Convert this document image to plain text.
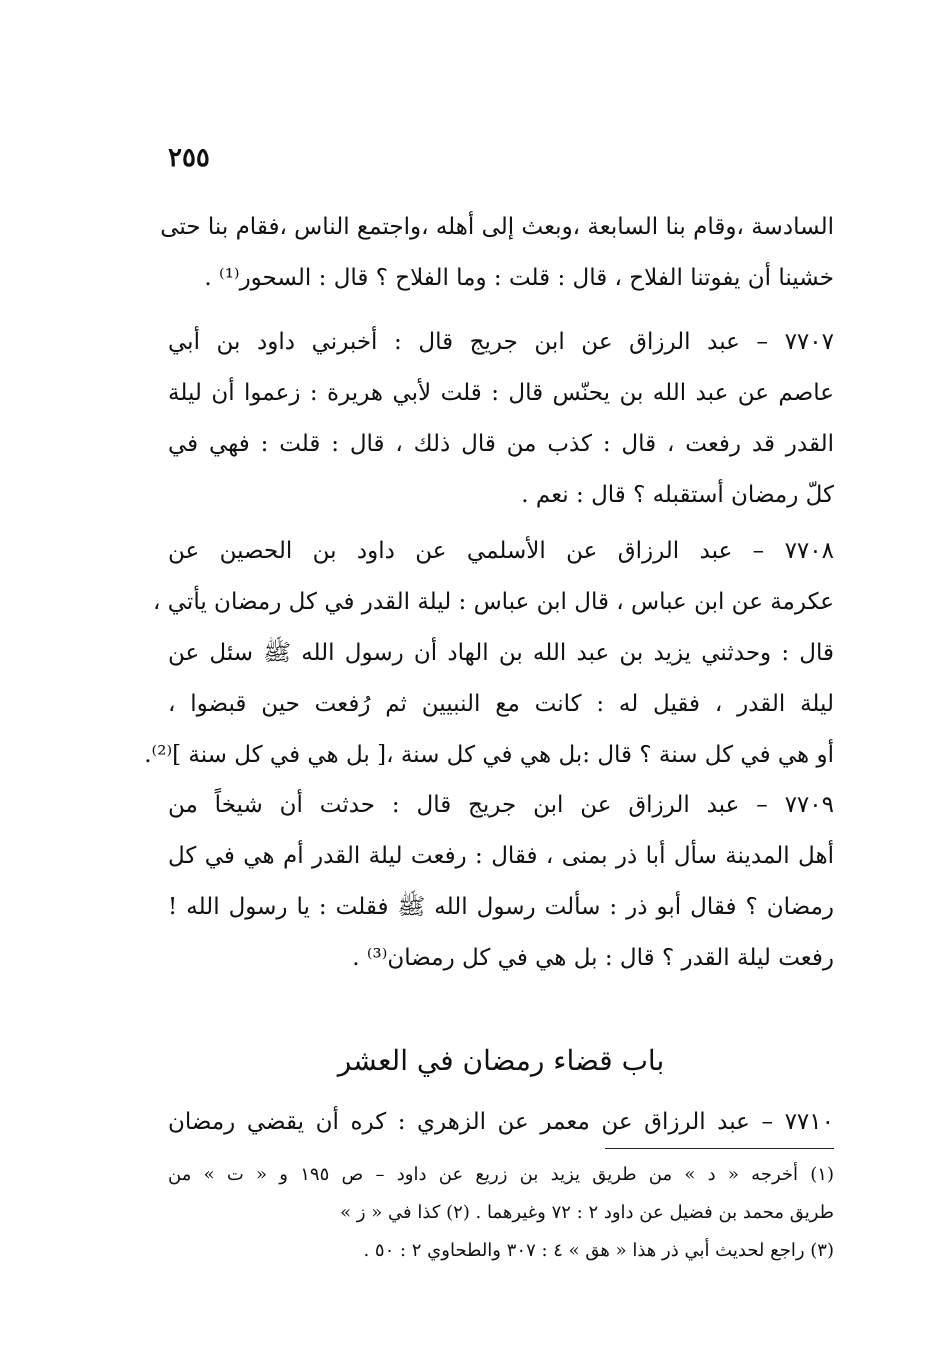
٢٥٥
السادسة ،وقام بنا السابعة ،وبعث إلى أهله ،واجتمع الناس ،فقام بنا حتى
خشينا أن يفوتنا الفلاح ، قال : قلت : وما الفلاح ؟ قال : السحور⁽¹⁾ .
٧٧٠٧ – عبد الرزاق عن ابن جريج قال : أخبرني داود بن أبي
عاصم عن عبد الله بن يحنّس قال : قلت لأبي هريرة : زعموا أن ليلة
القدر قد رفعت ، قال : كذب من قال ذلك ، قال : قلت : فهي في
كلّ رمضان أستقبله ؟ قال : نعم .
٧٧٠٨ – عبد الرزاق عن الأسلمي عن داود بن الحصين عن
عكرمة عن ابن عباس ، قال ابن عباس : ليلة القدر في كل رمضان يأتي ،
قال : وحدثني يزيد بن عبد الله بن الهاد أن رسول الله ﷺ سئل عن
ليلة القدر ، فقيل له : كانت مع النبيين ثم رُفعت حين قبضوا ،
أو هي في كل سنة ؟ قال :بل هي في كل سنة ،[ بل هي في كل سنة ]⁽²⁾.
٧٧٠٩ – عبد الرزاق عن ابن جريج قال : حدثت أن شيخاً من
أهل المدينة سأل أبا ذر بمنى ، فقال : رفعت ليلة القدر أم هي في كل
رمضان ؟ فقال أبو ذر : سألت رسول الله ﷺ فقلت : يا رسول الله !
رفعت ليلة القدر ؟ قال : بل هي في كل رمضان⁽³⁾ .
باب قضاء رمضان في العشر
٧٧١٠ – عبد الرزاق عن معمر عن الزهري : كره أن يقضي رمضان
(١) أخرجه « د » من طريق يزيد بن زريع عن داود – ص ١٩٥ و « ت » من
طريق محمد بن فضيل عن داود ٢ : ٧٢ وغيرهما . (٢) كذا في « ز »
(٣) راجع لحديث أبي ذر هذا « هق » ٤ : ٣٠٧ والطحاوي ٢ : ٥٠ .
